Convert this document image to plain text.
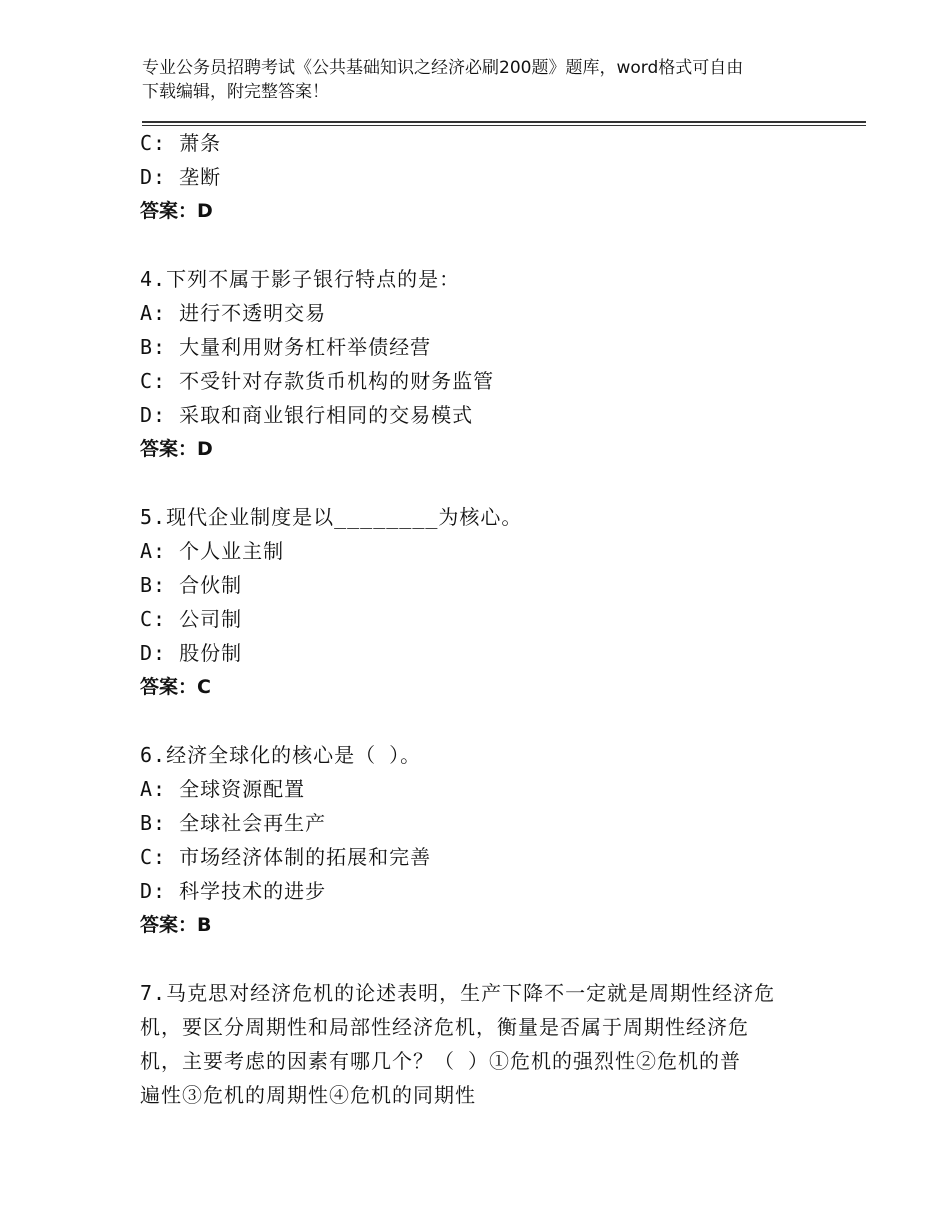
专业公务员招聘考试《公共基础知识之经济必刷200题》题库，word格式可自由
下载编辑，附完整答案！
C: 萧条
D: 垄断
答案：D
4.下列不属于影子银行特点的是：
A: 进行不透明交易
B: 大量利用财务杠杆举债经营
C: 不受针对存款货币机构的财务监管
D: 采取和商业银行相同的交易模式
答案：D
5.现代企业制度是以________为核心。
A: 个人业主制
B: 合伙制
C: 公司制
D: 股份制
答案：C
6.经济全球化的核心是（ ）。
A: 全球资源配置
B: 全球社会再生产
C: 市场经济体制的拓展和完善
D: 科学技术的进步
答案：B
7.马克思对经济危机的论述表明，生产下降不一定就是周期性经济危
机，要区分周期性和局部性经济危机，衡量是否属于周期性经济危
机，主要考虑的因素有哪几个？（ ）①危机的强烈性②危机的普
遍性③危机的周期性④危机的同期性
